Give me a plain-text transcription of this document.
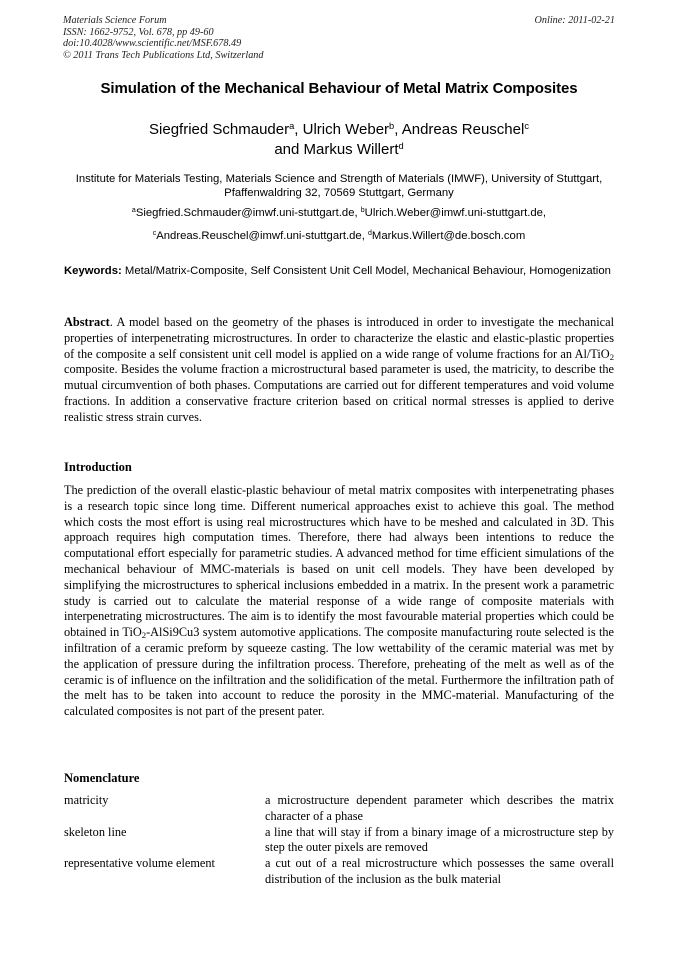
Materials Science Forum
ISSN: 1662-9752, Vol. 678, pp 49-60
doi:10.4028/www.scientific.net/MSF.678.49
© 2011 Trans Tech Publications Ltd, Switzerland
Online: 2011-02-21
Simulation of the Mechanical Behaviour of Metal Matrix Composites
Siegfried Schmauder$^a$, Ulrich Weber$^b$, Andreas Reuschel$^c$
and Markus Willert$^d$
Institute for Materials Testing, Materials Science and Strength of Materials (IMWF), University of Stuttgart, Pfaffenwaldring 32, 70569 Stuttgart, Germany
$^a$Siegfried.Schmauder@imwf.uni-stuttgart.de, $^b$Ulrich.Weber@imwf.uni-stuttgart.de,
$^c$Andreas.Reuschel@imwf.uni-stuttgart.de, $^d$Markus.Willert@de.bosch.com
Keywords: Metal/Matrix-Composite, Self Consistent Unit Cell Model, Mechanical Behaviour, Homogenization
Abstract. A model based on the geometry of the phases is introduced in order to investigate the mechanical properties of interpenetrating microstructures. In order to characterize the elastic and elastic-plastic properties of the composite a self consistent unit cell model is applied on a wide range of volume fractions for an Al/TiO$_2$ composite. Besides the volume fraction a microstructural based parameter is used, the matricity, to describe the mutual circumvention of both phases. Computations are carried out for different temperatures and void volume fractions. In addition a conservative fracture criterion based on critical normal stresses is applied to derive realistic stress strain curves.
Introduction
The prediction of the overall elastic-plastic behaviour of metal matrix composites with interpenetrating phases is a research topic since long time. Different numerical approaches exist to achieve this goal. The method which costs the most effort is using real microstructures which have to be meshed and calculated in 3D. This approach requires high computation times. Therefore, there had always been intentions to reduce the computational effort especially for parametric studies. A advanced method for time efficient simulations of the mechanical behaviour of MMC-materials is based on unit cell models. They have been developed by simplifying the microstructures to spherical inclusions embedded in a matrix. In the present work a parametric study is carried out to calculate the material response of a wide range of composite materials with interpenetrating microstructures. The aim is to identify the most favourable material properties which could be obtained in TiO$_2$-AlSi9Cu3 system automotive applications. The composite manufacturing route selected is the infiltration of a ceramic preform by squeeze casting. The low wettability of the ceramic material was met by the application of pressure during the infiltration process. Therefore, preheating of the melt as well as of the ceramic is of influence on the infiltration and the solidification of the metal. Furthermore the infiltration path of the melt has to be taken into account to reduce the porosity in the MMC-material. Manufacturing of the calculated composites is not part of the present pater.
Nomenclature
matricity	a microstructure dependent parameter which describes the matrix character of a phase
skeleton line	a line that will stay if from a binary image of a microstructure step by step the outer pixels are removed
representative volume element	a cut out of a real microstructure which possesses the same overall distribution of the inclusion as the bulk material
